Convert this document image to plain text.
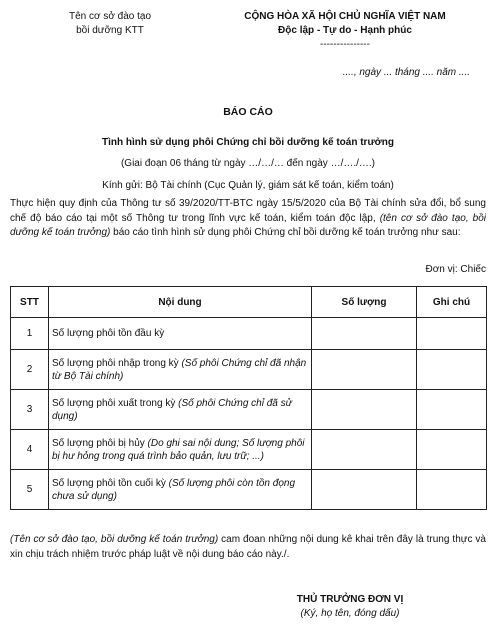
Tên cơ sở đào tạo
bồi dưỡng KTT
CỘNG HÒA XÃ HỘI CHỦ NGHĨA VIỆT NAM
Độc lập - Tự do - Hạnh phúc
---------------
...., ngày ... tháng .... năm ....
BÁO CÁO
Tình hình sử dụng phôi Chứng chỉ bồi dưỡng kế toán trưởng
(Giai đoạn 06 tháng từ ngày …/…/… đến ngày …/…./….)
Kính gửi: Bộ Tài chính (Cục Quản lý, giám sát kế toán, kiểm toán)
Thực hiện quy định của Thông tư số 39/2020/TT-BTC ngày 15/5/2020 của Bộ Tài chính sửa đổi, bổ sung chế độ báo cáo tại một số Thông tư trong lĩnh vực kế toán, kiểm toán độc lập, (tên cơ sở đào tạo, bồi dưỡng kế toán trưởng) báo cáo tình hình sử dụng phôi Chứng chỉ bồi dưỡng kế toán trưởng như sau:
Đơn vị: Chiếc
STT	Nội dung	Số lượng	Ghi chú
1	Số lượng phôi tồn đầu kỳ		
2	Số lượng phôi nhập trong kỳ (Số phôi Chứng chỉ đã nhận từ Bộ Tài chính)		
3	Số lượng phôi xuất trong kỳ (Số phôi Chứng chỉ đã sử dụng)		
4	Số lượng phôi bị hủy (Do ghi sai nội dung; Số lượng phôi bị hư hỏng trong quá trình bảo quản, lưu trữ; ...)		
5	Số lượng phôi tồn cuối kỳ (Số lượng phôi còn tồn đọng chưa sử dụng)		
(Tên cơ sở đào tạo, bồi dưỡng kế toán trưởng) cam đoan những nội dung kê khai trên đây là trung thực và xin chịu trách nhiệm trước pháp luật về nội dung báo cáo này./.
THỦ TRƯỞNG ĐƠN VỊ
(Ký, họ tên, đóng dấu)
